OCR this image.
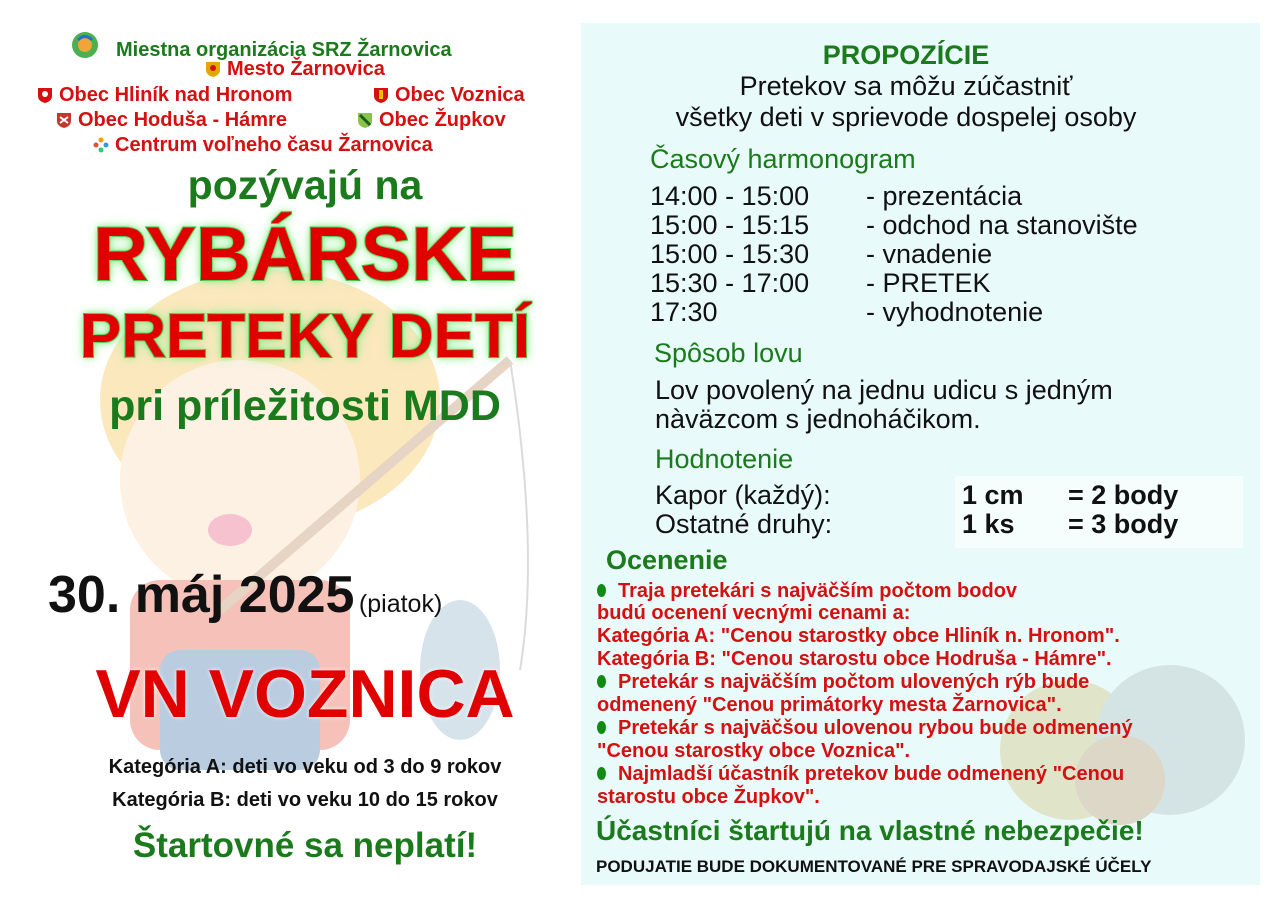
Miestna organizácia SRZ Žarnovica
Mesto Žarnovica
Obec Hliník nad Hronom	Obec Voznica
Obec Hoduša - Hámre	Obec Župkov
Centrum voľneho času Žarnovica
pozývajú na
RYBÁRSKE
PRETEKY DETÍ
pri príležitosti MDD
30. máj 2025 (piatok)
VN VOZNICA
Kategória A: deti vo veku od 3 do 9 rokov
Kategória B: deti vo veku 10 do 15 rokov
Štartovné sa neplatí!
PROPOZÍCIE
Pretekov sa môžu zúčastniť
všetky deti v sprievode dospelej osoby
Časový harmonogram
14:00 - 15:00 - prezentácia
15:00 - 15:15 - odchod na stanovište
15:00 - 15:30 - vnadenie
15:30 - 17:00 - PRETEK
17:30	- vyhodnotenie
Spôsob lovu
Lov povolený na jednu udicu s jedným
nàväzcom s jednoháčikom.
Hodnotenie
Kapor (každý):	1 cm = 2 body
Ostatné druhy:	1 ks = 3 body
Ocenenie
Traja pretekári s najväčším počtom bodov
budú ocenení vecnými cenami a:
Kategória A: "Cenou starostky obce Hliník n. Hronom".
Kategória B: "Cenou starostu obce Hodruša - Hámre".
Pretekár s najväčším počtom ulovených rýb bude
odmenený "Cenou primátorky mesta Žarnovica".
Pretekár s najväčšou ulovenou rybou bude odmenený
"Cenou starostky obce Voznica".
Najmladší účastník pretekov bude odmenený "Cenou
starostu obce Župkov".
Účastníci štartujú na vlastné nebezpečie!
PODUJATIE BUDE DOKUMENTOVANÉ PRE SPRAVODAJSKÉ ÚČELY
